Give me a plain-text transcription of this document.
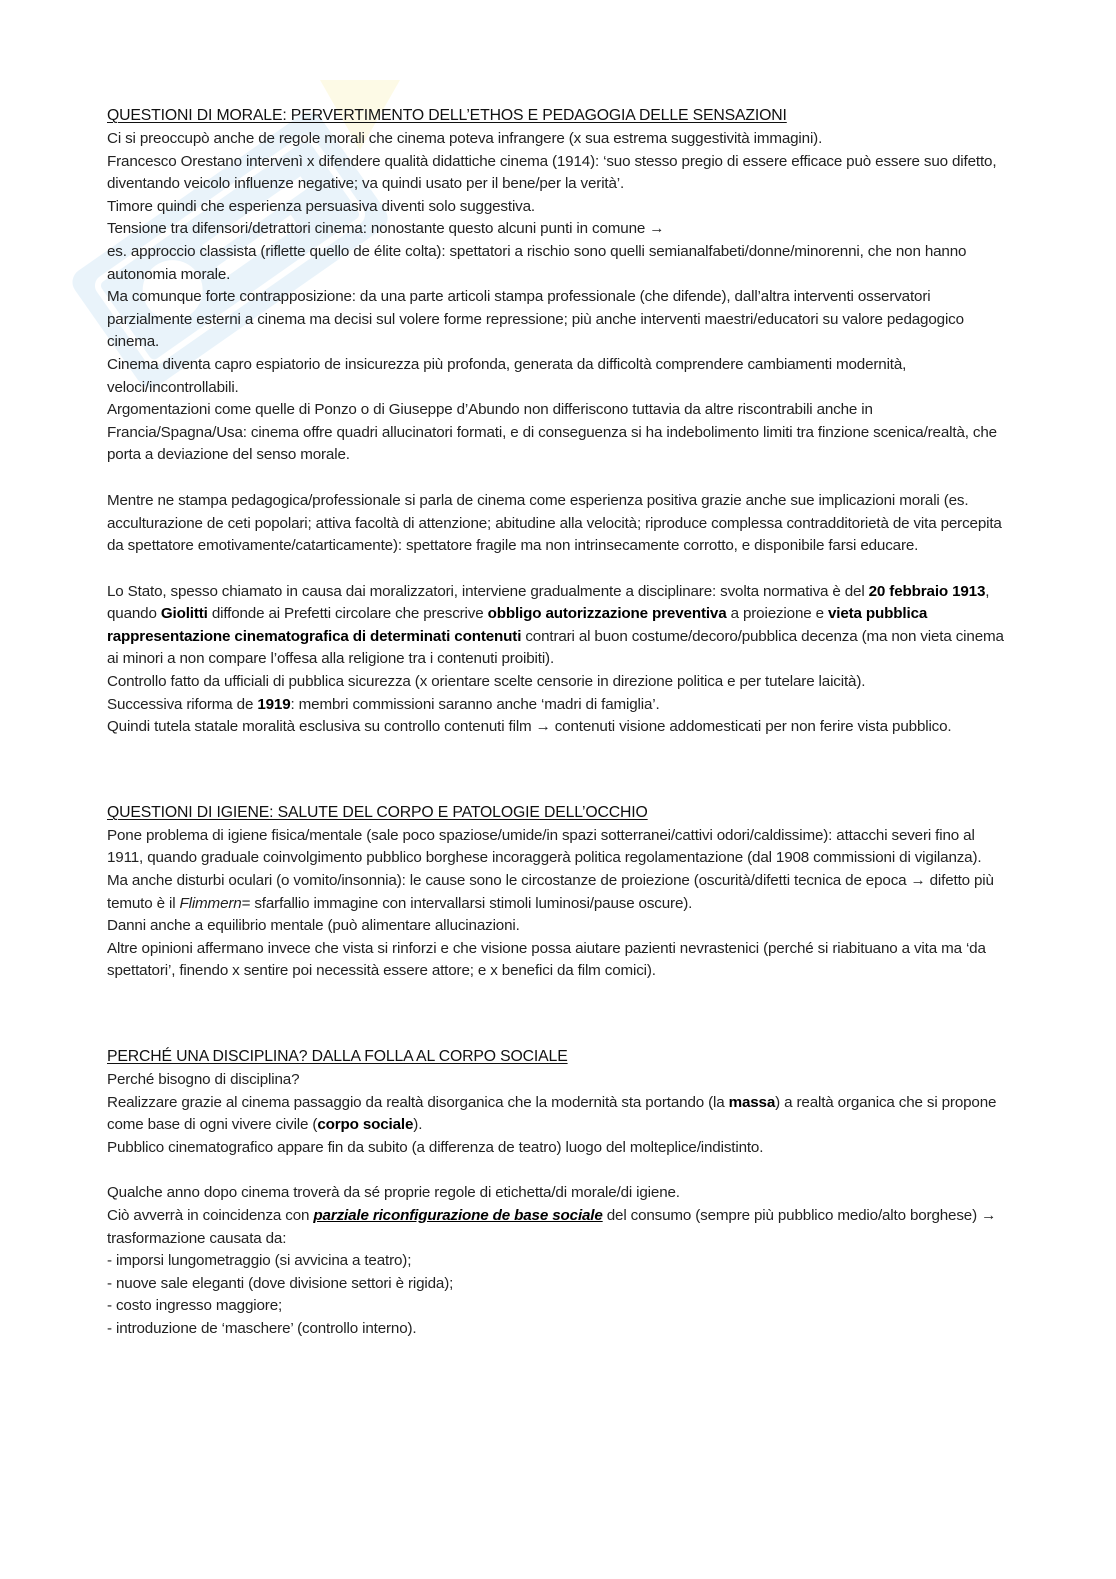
QUESTIONI DI MORALE: PERVERTIMENTO DELL’ETHOS E PEDAGOGIA DELLE SENSAZIONI

Ci si preoccupò anche de regole morali che cinema poteva infrangere (x sua estrema suggestività immagini).

Francesco Orestano intervenì x difendere qualità didattiche cinema (1914): ‘suo stesso pregio di essere efficace può essere suo difetto, diventando veicolo influenze negative; va quindi usato per il bene/per la verità’.

Timore quindi che esperienza persuasiva diventi solo suggestiva.

Tensione tra difensori/detrattori cinema: nonostante questo alcuni punti in comune →

es. approccio classista (riflette quello de élite colta): spettatori a rischio sono quelli semianalfabeti/donne/minorenni, che non hanno autonomia morale.

Ma comunque forte contrapposizione: da una parte articoli stampa professionale (che difende), dall’altra interventi osservatori parzialmente esterni a cinema ma decisi sul volere forme repressione; più anche interventi maestri/educatori su valore pedagogico cinema.

Cinema diventa capro espiatorio de insicurezza più profonda, generata da difficoltà comprendere cambiamenti modernità, veloci/incontrollabili.

Argomentazioni come quelle di Ponzo o di Giuseppe d’Abundo non differiscono tuttavia da altre riscontrabili anche in Francia/Spagna/Usa: cinema offre quadri allucinatori formati, e di conseguenza si ha indebolimento limiti tra finzione scenica/realtà, che porta a deviazione del senso morale.

Mentre ne stampa pedagogica/professionale si parla de cinema come esperienza positiva grazie anche sue implicazioni morali (es. acculturazione de ceti popolari; attiva facoltà di attenzione; abitudine alla velocità; riproduce complessa contradditorietà de vita percepita da spettatore emotivamente/catarticamente): spettatore fragile ma non intrinsecamente corrotto, e disponibile farsi educare.

Lo Stato, spesso chiamato in causa dai moralizzatori, interviene gradualmente a disciplinare: svolta normativa è del 20 febbraio 1913, quando Giolitti diffonde ai Prefetti circolare che prescrive obbligo autorizzazione preventiva a proiezione e vieta pubblica rappresentazione cinematografica di determinati contenuti contrari al buon costume/decoro/pubblica decenza (ma non vieta cinema ai minori a non compare l’offesa alla religione tra i contenuti proibiti).

Controllo fatto da ufficiali di pubblica sicurezza (x orientare scelte censorie in direzione politica e per tutelare laicità).

Successiva riforma de 1919: membri commissioni saranno anche ‘madri di famiglia’.

Quindi tutela statale moralità esclusiva su controllo contenuti film → contenuti visione addomesticati per non ferire vista pubblico.

QUESTIONI DI IGIENE: SALUTE DEL CORPO E PATOLOGIE DELL’OCCHIO

Pone problema di igiene fisica/mentale (sale poco spaziose/umide/in spazi sotterranei/cattivi odori/caldissime): attacchi severi fino al 1911, quando graduale coinvolgimento pubblico borghese incoraggerà politica regolamentazione (dal 1908 commissioni di vigilanza).

Ma anche disturbi oculari (o vomito/insonnia): le cause sono le circostanze de proiezione (oscurità/difetti tecnica de epoca → difetto più temuto è il Flimmern= sfarfallio immagine con intervallarsi stimoli luminosi/pause oscure).

Danni anche a equilibrio mentale (può alimentare allucinazioni.

Altre opinioni affermano invece che vista si rinforzi e che visione possa aiutare pazienti nevrastenici (perché si riabituano a vita ma ‘da spettatori’, finendo x sentire poi necessità essere attore; e x benefici da film comici).

PERCHÉ UNA DISCIPLINA? DALLA FOLLA AL CORPO SOCIALE

Perché bisogno di disciplina?

Realizzare grazie al cinema passaggio da realtà disorganica che la modernità sta portando (la massa) a realtà organica che si propone come base di ogni vivere civile (corpo sociale).

Pubblico cinematografico appare fin da subito (a differenza de teatro) luogo del molteplice/indistinto.

Qualche anno dopo cinema troverà da sé proprie regole di etichetta/di morale/di igiene.

Ciò avverrà in coincidenza con parziale riconfigurazione de base sociale del consumo (sempre più pubblico medio/alto borghese) → trasformazione causata da:

- imporsi lungometraggio (si avvicina a teatro);

- nuove sale eleganti (dove divisione settori è rigida);

- costo ingresso maggiore;

- introduzione de ‘maschere’ (controllo interno).
